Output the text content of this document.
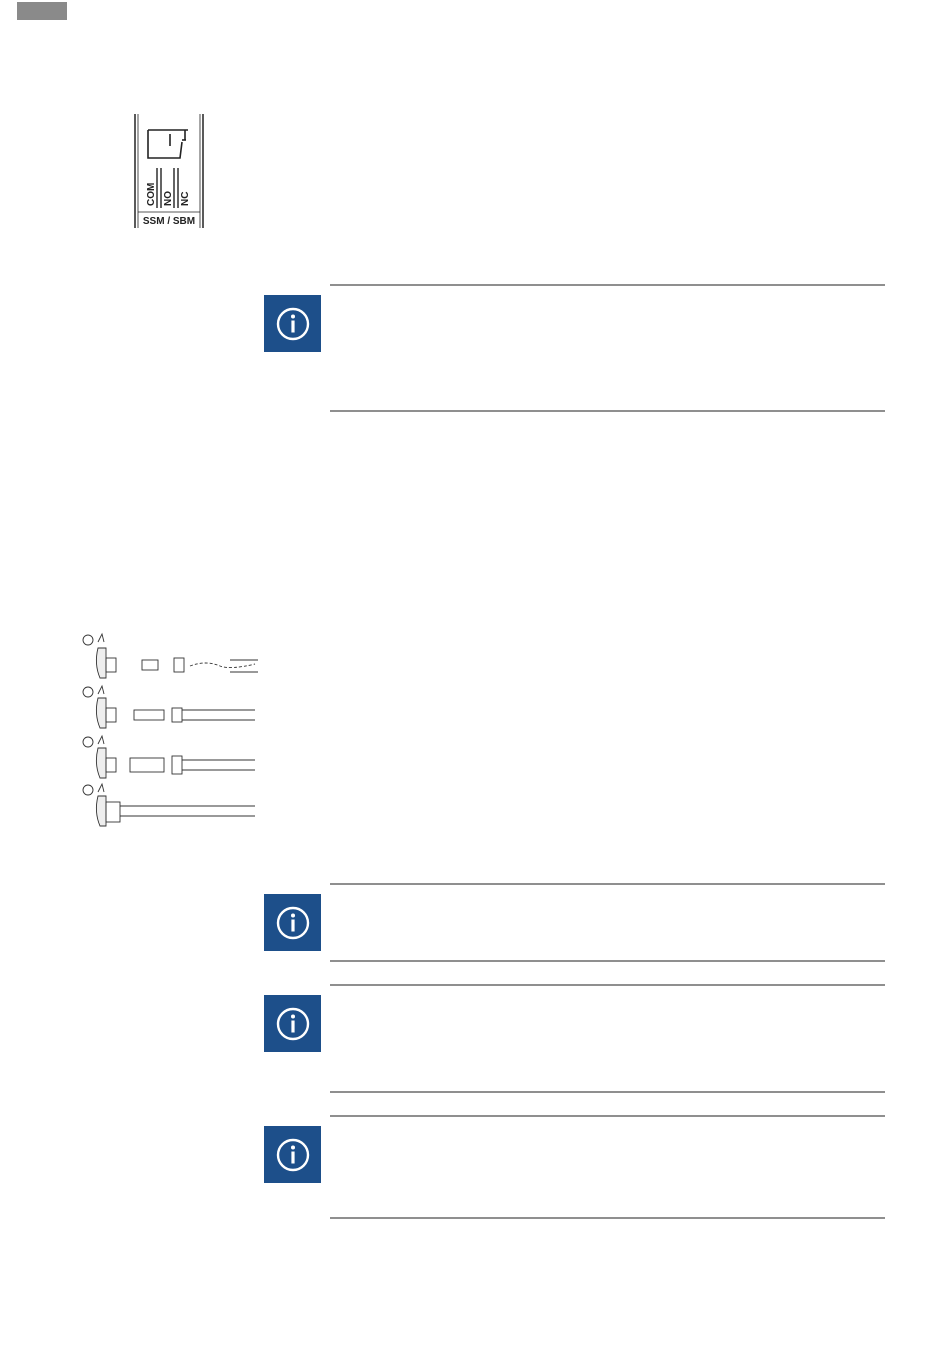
COM NO NC
SSM / SBM
